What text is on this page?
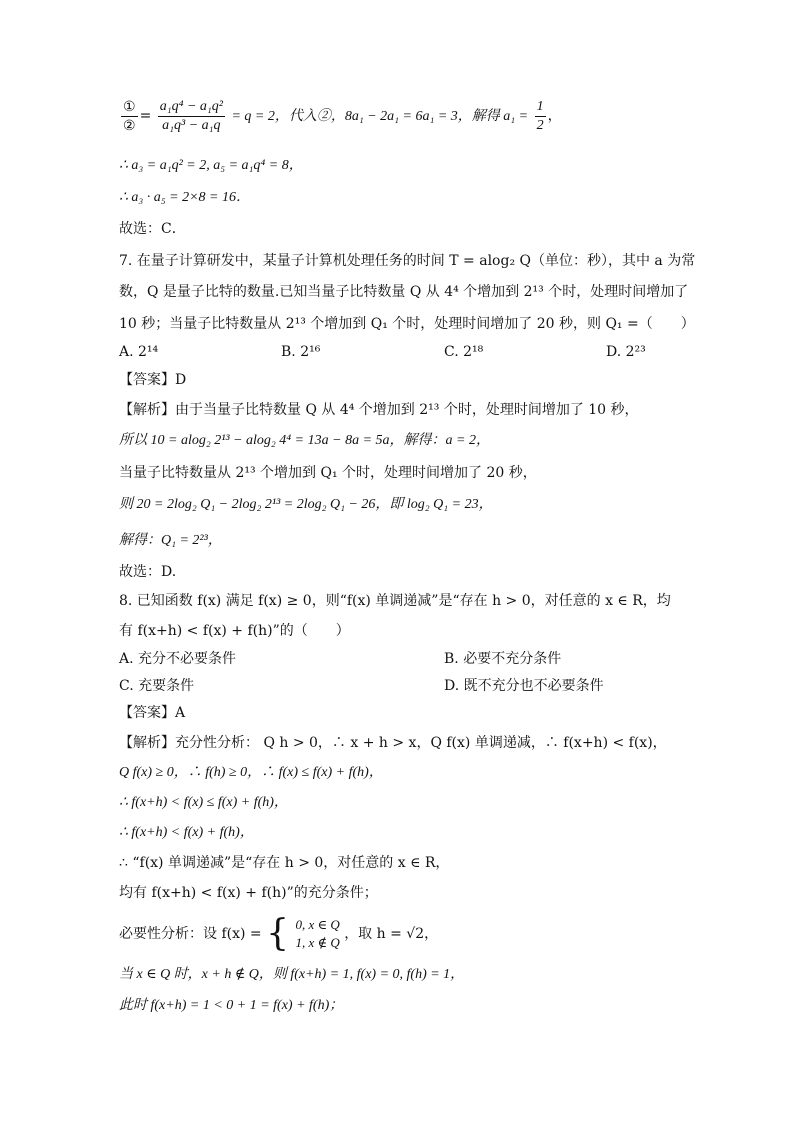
$\frac{\text{①}}{\text{②}} = \frac{\text{a₁q⁴ − a₁q²}}{\text{a₁q³ − a₁q}} = q = 2$，代入②，8a₁ − 2a₁ = 6a₁ = 3，解得 $a_1 = \frac{1}{2}$ ，
∴ a₃ = a₁q² = 2, a₅ = a₁q⁴ = 8，
∴ a₃ · a₅ = 2×8 = 16．
故选：C．
7. 在量子计算研发中，某量子计算机处理任务的时间 T = alog₂ Q（单位：秒），其中 a 为常
数，Q 是量子比特的数量.已知当量子比特数量 Q 从 4⁴ 个增加到 2¹³ 个时，处理时间增加了
10 秒；当量子比特数量从 2¹³ 个增加到 Q₁ 个时，处理时间增加了 20 秒，则 Q₁ =（　　）
A. 2¹⁴	B. 2¹⁶	C. 2¹⁸	D. 2²³
【答案】D
【解析】由于当量子比特数量 Q 从 4⁴ 个增加到 2¹³ 个时，处理时间增加了 10 秒，
所以 10 = alog₂ 2¹³ − alog₂ 4⁴ = 13a − 8a = 5a，解得：a = 2，
当量子比特数量从 2¹³ 个增加到 Q₁ 个时，处理时间增加了 20 秒，
则 20 = 2log₂ Q₁ − 2log₂ 2¹³ = 2log₂ Q₁ − 26，即 log₂ Q₁ = 23，
解得：Q₁ = 2²³，
故选：D.
8. 已知函数 f(x) 满足 f(x) ≥ 0，则“f(x) 单调递减”是“存在 h > 0，对任意的 x ∈ R，均
有 f(x+h) < f(x) + f(h)”的（　　）
A. 充分不必要条件	B. 必要不充分条件
C. 充要条件	D. 既不充分也不必要条件
【答案】A
【解析】充分性分析： Q h > 0，∴ x + h > x，Q f(x) 单调递减，∴ f(x+h) < f(x)，
Q f(x) ≥ 0，∴ f(h) ≥ 0，∴ f(x) ≤ f(x) + f(h)，
∴ f(x+h) < f(x) ≤ f(x) + f(h)，
∴ f(x+h) < f(x) + f(h)，
∴ “f(x) 单调递减”是“存在 h > 0，对任意的 x ∈ R，
均有 f(x+h) < f(x) + f(h)”的充分条件；
必要性分析：设 f(x) = { 0, x ∈ Q
1, x ∉ Q
，取 h = √2，
当 x ∈ Q 时，x + h ∉ Q，则 f(x+h) = 1, f(x) = 0, f(h) = 1，
此时 f(x+h) = 1 < 0 + 1 = f(x) + f(h)；
